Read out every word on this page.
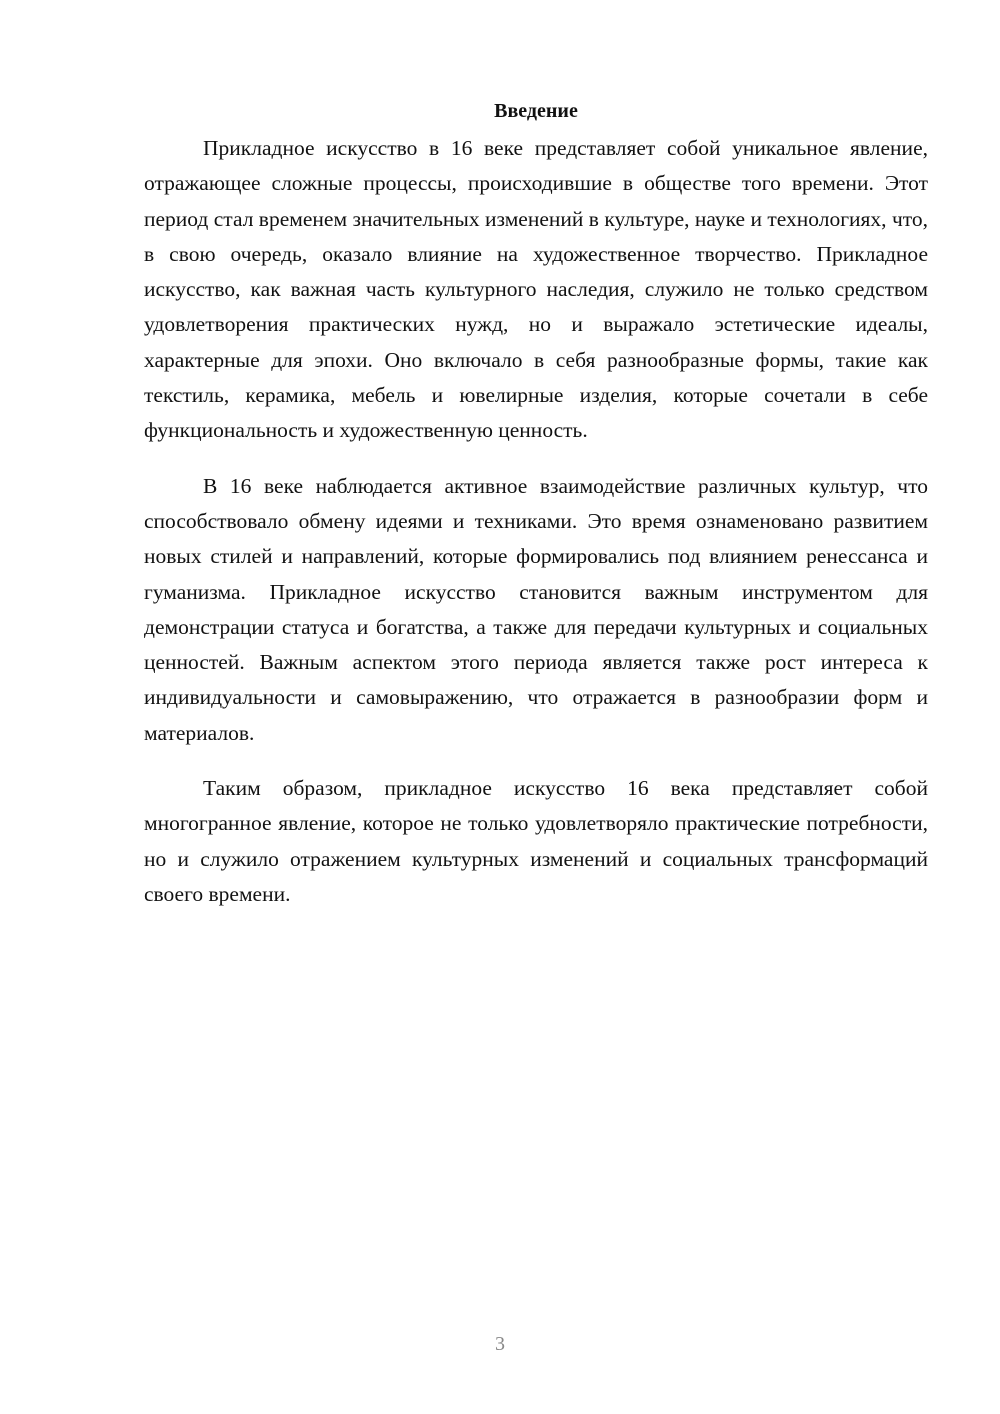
Введение

Прикладное искусство в 16 веке представляет собой уникальное явление, отражающее сложные процессы, происходившие в обществе того времени. Этот период стал временем значительных изменений в культуре, науке и технологиях, что, в свою очередь, оказало влияние на художественное творчество. Прикладное искусство, как важная часть культурного наследия, служило не только средством удовлетворения практических нужд, но и выражало эстетические идеалы, характерные для эпохи. Оно включало в себя разнообразные формы, такие как текстиль, керамика, мебель и ювелирные изделия, которые сочетали в себе функциональность и художественную ценность.

В 16 веке наблюдается активное взаимодействие различных культур, что способствовало обмену идеями и техниками. Это время ознаменовано развитием новых стилей и направлений, которые формировались под влиянием ренессанса и гуманизма. Прикладное искусство становится важным инструментом для демонстрации статуса и богатства, а также для передачи культурных и социальных ценностей. Важным аспектом этого периода является также рост интереса к индивидуальности и самовыражению, что отражается в разнообразии форм и материалов.

Таким образом, прикладное искусство 16 века представляет собой многогранное явление, которое не только удовлетворяло практические потребности, но и служило отражением культурных изменений и социальных трансформаций своего времени.

3
